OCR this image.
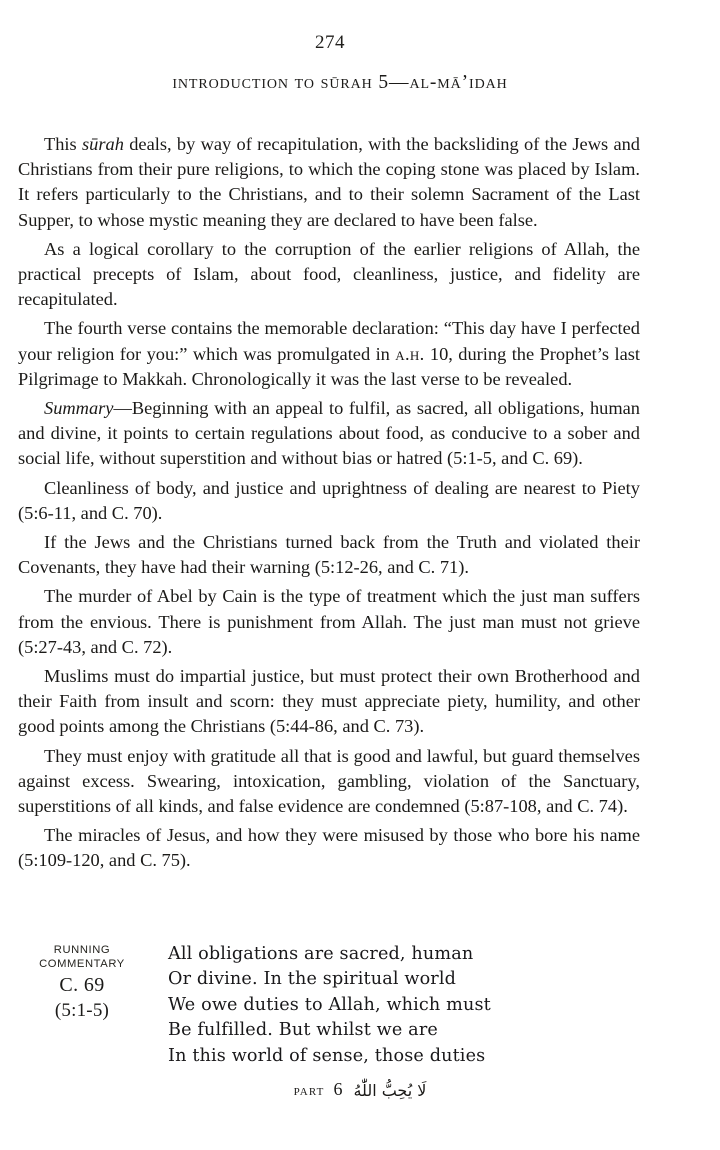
274
introduction to sūrah 5—al-mā’idah

This sūrah deals, by way of recapitulation, with the backsliding of the Jews and Christians from their pure religions, to which the coping stone was placed by Islam. It refers particularly to the Christians, and to their solemn Sacrament of the Last Supper, to whose mystic meaning they are declared to have been false.

As a logical corollary to the corruption of the earlier religions of Allah, the practical precepts of Islam, about food, cleanliness, justice, and fidelity are recapitulated.

The fourth verse contains the memorable declaration: “This day have I perfected your religion for you:” which was promulgated in a.h. 10, during the Prophet’s last Pilgrimage to Makkah. Chronologically it was the last verse to be revealed.

Summary—Beginning with an appeal to fulfil, as sacred, all obligations, human and divine, it points to certain regulations about food, as conducive to a sober and social life, without superstition and without bias or hatred (5:1-5, and C. 69).

Cleanliness of body, and justice and uprightness of dealing are nearest to Piety (5:6-11, and C. 70).

If the Jews and the Christians turned back from the Truth and violated their Covenants, they have had their warning (5:12-26, and C. 71).

The murder of Abel by Cain is the type of treatment which the just man suffers from the envious. There is punishment from Allah. The just man must not grieve (5:27-43, and C. 72).

Muslims must do impartial justice, but must protect their own Brotherhood and their Faith from insult and scorn: they must appreciate piety, humility, and other good points among the Christians (5:44-86, and C. 73).

They must enjoy with gratitude all that is good and lawful, but guard themselves against excess. Swearing, intoxication, gambling, violation of the Sanctuary, superstitions of all kinds, and false evidence are condemned (5:87-108, and C. 74).

The miracles of Jesus, and how they were misused by those who bore his name (5:109-120, and C. 75).

RUNNING
COMMENTARY
C. 69
(5:1-5)
All obligations are sacred, human
Or divine. In the spiritual world
We owe duties to Allah, which must
Be fulfilled. But whilst we are
In this world of sense, those duties
part 6 لَا يُحِبُّ اللّٰهُ
